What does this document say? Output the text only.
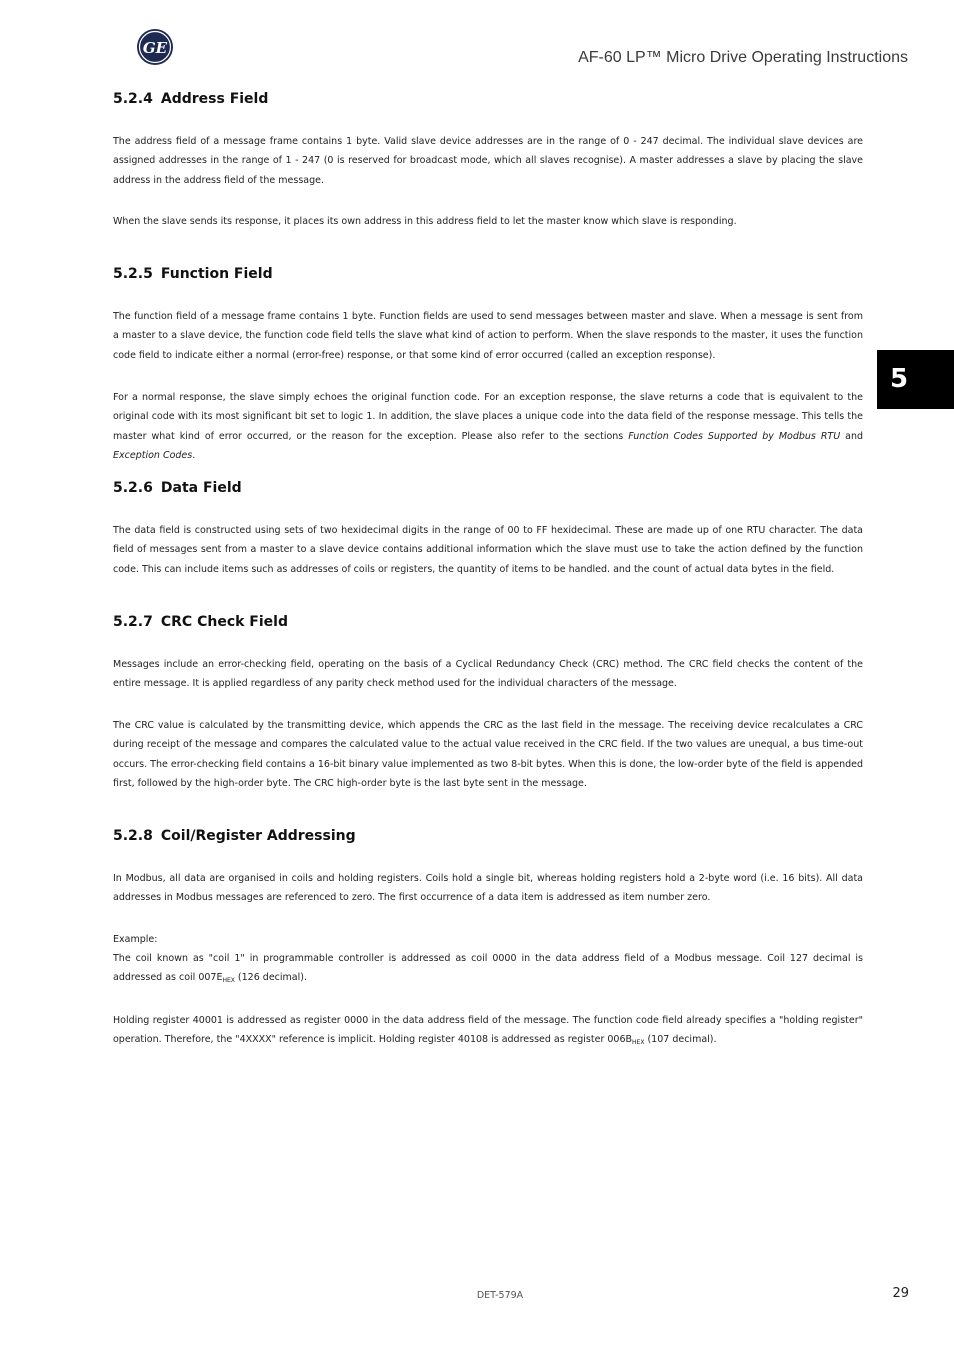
GE
AF-60 LP™ Micro Drive Operating Instructions
5
5.2.4 Address Field

The address field of a message frame contains 1 byte. Valid slave device addresses are in the range of 0 - 247 decimal. The individual slave devices are assigned addresses in the range of 1 - 247 (0 is reserved for broadcast mode, which all slaves recognise). A master addresses a slave by placing the slave address in the address field of the message.

When the slave sends its response, it places its own address in this address field to let the master know which slave is responding.

5.2.5 Function Field

The function field of a message frame contains 1 byte. Function fields are used to send messages between master and slave. When a message is sent from a master to a slave device, the function code field tells the slave what kind of action to perform. When the slave responds to the master, it uses the function code field to indicate either a normal (error-free) response, or that some kind of error occurred (called an exception response).

For a normal response, the slave simply echoes the original function code. For an exception response, the slave returns a code that is equivalent to the original code with its most significant bit set to logic 1. In addition, the slave places a unique code into the data field of the response message. This tells the master what kind of error occurred, or the reason for the exception. Please also refer to the sections Function Codes Supported by Modbus RTU and Exception Codes.

5.2.6 Data Field

The data field is constructed using sets of two hexidecimal digits in the range of 00 to FF hexidecimal. These are made up of one RTU character. The data field of messages sent from a master to a slave device contains additional information which the slave must use to take the action defined by the function code. This can include items such as addresses of coils or registers, the quantity of items to be handled. and the count of actual data bytes in the field.

5.2.7 CRC Check Field

Messages include an error-checking field, operating on the basis of a Cyclical Redundancy Check (CRC) method. The CRC field checks the content of the entire message. It is applied regardless of any parity check method used for the individual characters of the message.

The CRC value is calculated by the transmitting device, which appends the CRC as the last field in the message. The receiving device recalculates a CRC during receipt of the message and compares the calculated value to the actual value received in the CRC field. If the two values are unequal, a bus time-out occurs. The error-checking field contains a 16-bit binary value implemented as two 8-bit bytes. When this is done, the low-order byte of the field is appended first, followed by the high-order byte. The CRC high-order byte is the last byte sent in the message.

5.2.8 Coil/Register Addressing

In Modbus, all data are organised in coils and holding registers. Coils hold a single bit, whereas holding registers hold a 2-byte word (i.e. 16 bits). All data addresses in Modbus messages are referenced to zero. The first occurrence of a data item is addressed as item number zero.

Example:

The coil known as "coil 1" in programmable controller is addressed as coil 0000 in the data address field of a Modbus message. Coil 127 decimal is addressed as coil $007E_{HEX}$ (126 decimal).

Holding register 40001 is addressed as register 0000 in the data address field of the message. The function code field already specifies a "holding register" operation. Therefore, the "4XXXX" reference is implicit. Holding register 40108 is addressed as register $006B_{HEX}$ (107 decimal).

DET-579A	29
